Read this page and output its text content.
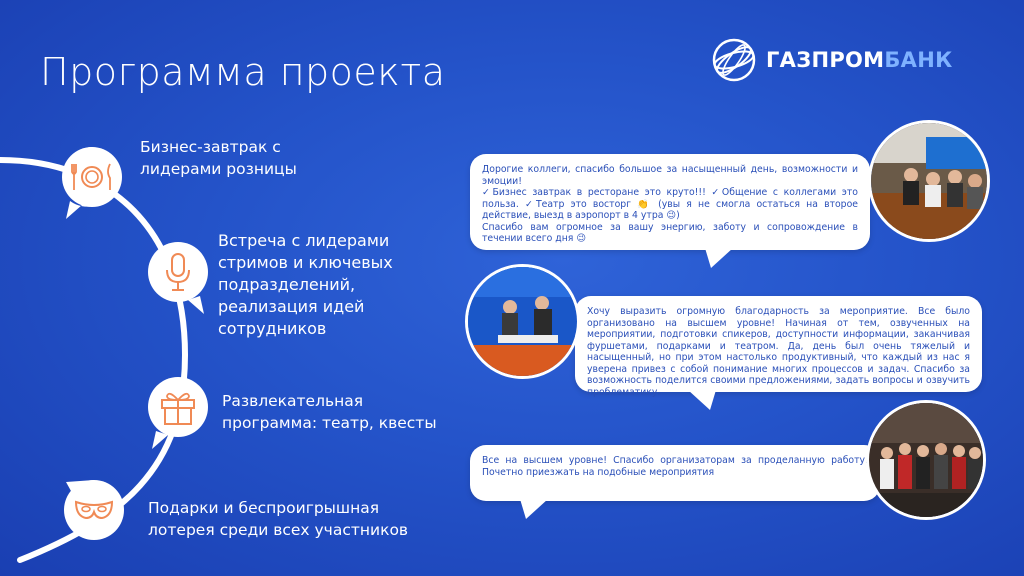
Программа проекта	ГАЗПРОМБАНК

Бизнес-завтрак с
лидерами розницы

Встреча с лидерами
стримов и ключевых
подразделений,
реализация идей
сотрудников

Развлекательная
программа: театр, квесты

Подарки и беспроигрышная
лотерея среди всех участников

Дорогие коллеги, спасибо большое за насыщенный день, возможности и эмоции!
✓Бизнес завтрак в ресторане это круто!!! ✓Общение с коллегами это польза. ✓Театр это восторг 👏 (увы я не смогла остаться на второе действие, выезд в аэропорт в 4 утра 😉)
Спасибо вам огромное за вашу энергию, заботу и сопровождение в течении всего дня 😉

Хочу выразить огромную благодарность за мероприятие. Все было организовано на высшем уровне! Начиная от тем, озвученных на мероприятии, подготовки спикеров, доступности информации, заканчивая фуршетами, подарками и театром. Да, день был очень тяжелый и насыщенный, но при этом настолько продуктивный, что каждый из нас я уверена привез с собой понимание многих процессов и задач. Спасибо за возможность поделится своими предложениями, задать вопросы и озвучить проблематику.

Все на высшем уровне! Спасибо организаторам за проделанную работу. Почетно приезжать на подобные мероприятия
